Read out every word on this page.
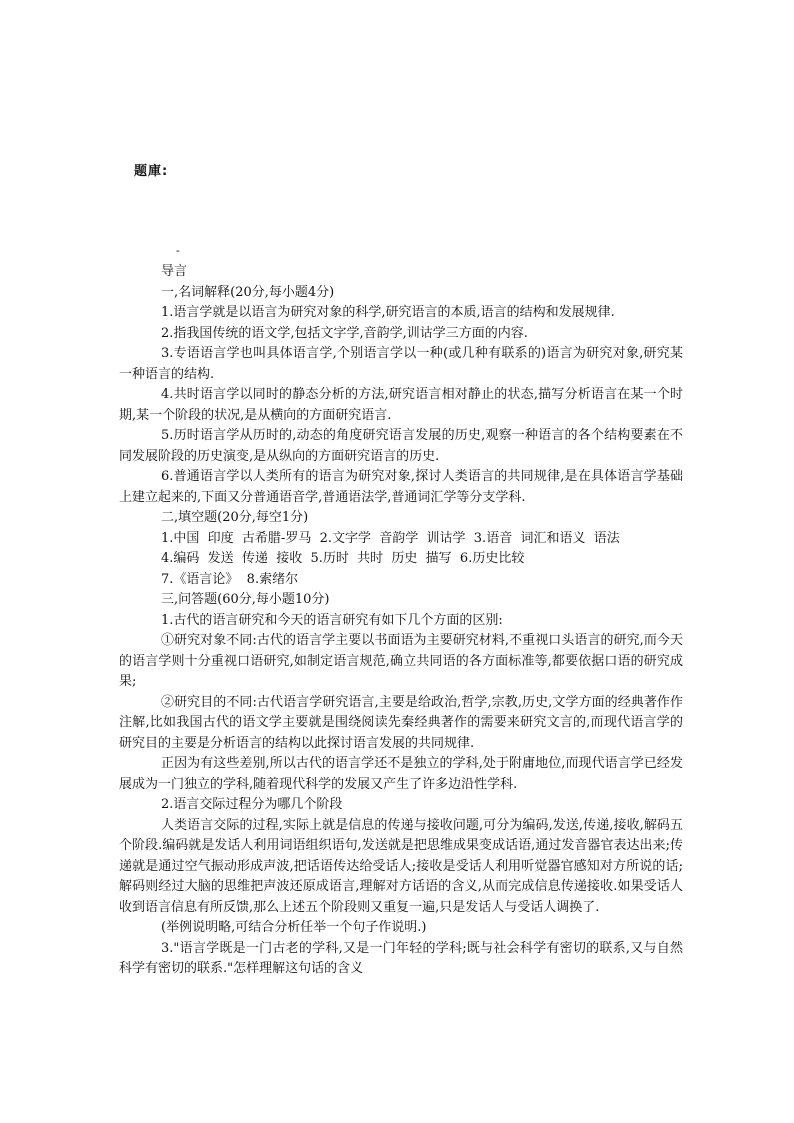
题庫:
-

导言

一,名词解释(20分,每小题4分)

1.语言学就是以语言为研究对象的科学,研究语言的本质,语言的结构和发展规律.

2.指我国传统的语文学,包括文字学,音韵学,训诂学三方面的内容.

3.专语语言学也叫具体语言学,个别语言学以一种(或几种有联系的)语言为研究对象,研究某一种语言的结构.

4.共时语言学以同时的静态分析的方法,研究语言相对静止的状态,描写分析语言在某一个时期,某一个阶段的状况,是从横向的方面研究语言.

5.历时语言学从历时的,动态的角度研究语言发展的历史,观察一种语言的各个结构要素在不同发展阶段的历史演变,是从纵向的方面研究语言的历史.

6.普通语言学以人类所有的语言为研究对象,探讨人类语言的共同规律,是在具体语言学基础上建立起来的,下面又分普通语音学,普通语法学,普通词汇学等分支学科.

二,填空题(20分,每空1分)

1.中国  印度  古希腊-罗马  2.文字学  音韵学  训诂学  3.语音  词汇和语义  语法

4.编码  发送  传递  接收  5.历时  共时  历史  描写  6.历史比较

7.《语言论》  8.索绪尔

三,问答题(60分,每小题10分)

1.古代的语言研究和今天的语言研究有如下几个方面的区别:

①研究对象不同:古代的语言学主要以书面语为主要研究材料,不重视口头语言的研究,而今天的语言学则十分重视口语研究,如制定语言规范,确立共同语的各方面标准等,都要依据口语的研究成果;

②研究目的不同:古代语言学研究语言,主要是给政治,哲学,宗教,历史,文学方面的经典著作作注解,比如我国古代的语文学主要就是围绕阅读先秦经典著作的需要来研究文言的,而现代语言学的研究目的主要是分析语言的结构以此探讨语言发展的共同规律.

正因为有这些差别,所以古代的语言学还不是独立的学科,处于附庸地位,而现代语言学已经发展成为一门独立的学科,随着现代科学的发展又产生了许多边沿性学科.

2.语言交际过程分为哪几个阶段

人类语言交际的过程,实际上就是信息的传递与接收问题,可分为编码,发送,传递,接收,解码五个阶段.编码就是发话人利用词语组织语句,发送就是把思维成果变成话语,通过发音器官表达出来;传递就是通过空气振动形成声波,把话语传达给受话人;接收是受话人利用听觉器官感知对方所说的话;解码则经过大脑的思维把声波还原成语言,理解对方话语的含义,从而完成信息传递接收.如果受话人收到语言信息有所反馈,那么上述五个阶段则又重复一遍,只是发话人与受话人调换了.

(举例说明略,可结合分析任举一个句子作说明.)

3."语言学既是一门古老的学科,又是一门年轻的学科;既与社会科学有密切的联系,又与自然科学有密切的联系."怎样理解这句话的含义
